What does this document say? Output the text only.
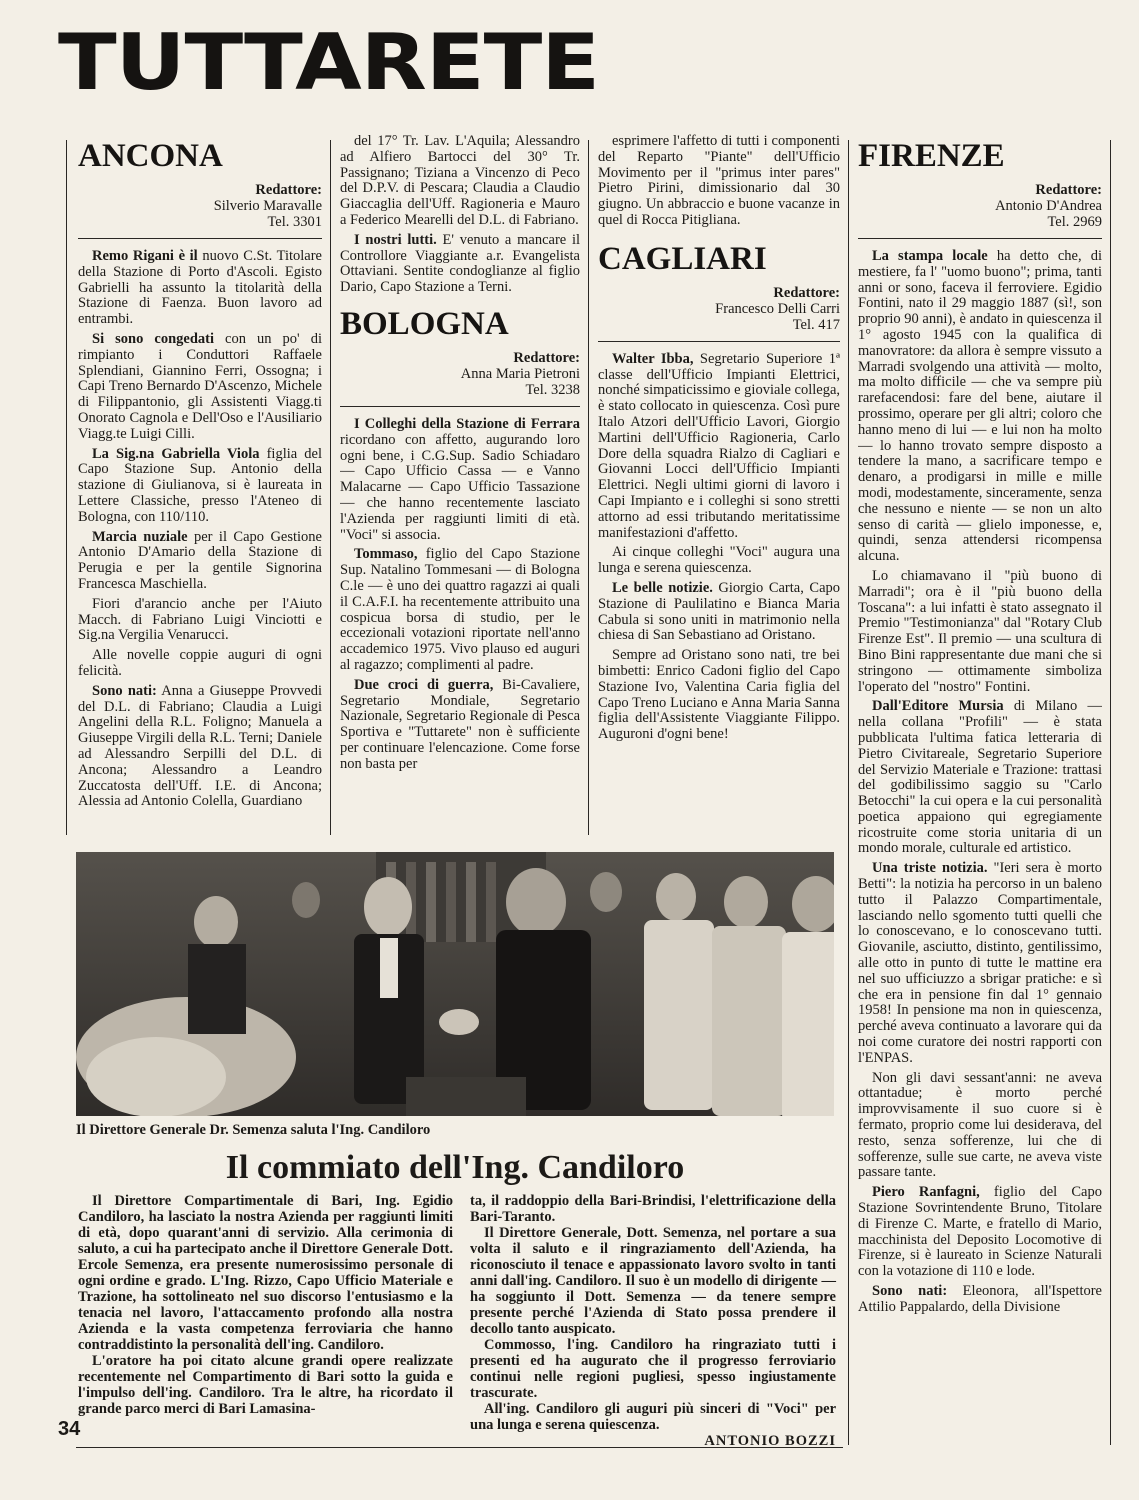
TUTTARETE
ANCONA
Redattore:
Silverio Maravalle
Tel. 3301

Remo Rigani è il nuovo C.St. Titolare della Stazione di Porto d'Ascoli. Egisto Gabrielli ha assunto la titolarità della Stazione di Faenza. Buon lavoro ad entrambi.

Si sono congedati con un po' di rimpianto i Conduttori Raffaele Splendiani, Giannino Ferri, Ossogna; i Capi Treno Bernardo D'Ascenzo, Michele di Filippantonio, gli Assistenti Viagg.ti Onorato Cagnola e Dell'Oso e l'Ausiliario Viagg.te Luigi Cilli.

La Sig.na Gabriella Viola figlia del Capo Stazione Sup. Antonio della stazione di Giulianova, si è laureata in Lettere Classiche, presso l'Ateneo di Bologna, con 110/110.

Marcia nuziale per il Capo Gestione Antonio D'Amario della Stazione di Perugia e per la gentile Signorina Francesca Maschiella.

Fiori d'arancio anche per l'Aiuto Macch. di Fabriano Luigi Vinciotti e Sig.na Vergilia Venarucci.

Alle novelle coppie auguri di ogni felicità.

Sono nati: Anna a Giuseppe Provvedi del D.L. di Fabriano; Claudia a Luigi Angelini della R.L. Foligno; Manuela a Giuseppe Virgili della R.L. Terni; Daniele ad Alessandro Serpilli del D.L. di Ancona; Alessandro a Leandro Zuccatosta dell'Uff. I.E. di Ancona; Alessia ad Antonio Colella, Guardiano

del 17° Tr. Lav. L'Aquila; Alessandro ad Alfiero Bartocci del 30° Tr. Passignano; Tiziana a Vincenzo di Peco del D.P.V. di Pescara; Claudia a Claudio Giaccaglia dell'Uff. Ragioneria e Mauro a Federico Mearelli del D.L. di Fabriano.

I nostri lutti. E' venuto a mancare il Controllore Viaggiante a.r. Evangelista Ottaviani. Sentite condoglianze al figlio Dario, Capo Stazione a Terni.

BOLOGNA
Redattore:
Anna Maria Pietroni
Tel. 3238

I Colleghi della Stazione di Ferrara ricordano con affetto, augurando loro ogni bene, i C.G.Sup. Sadio Schiadaro — Capo Ufficio Cassa — e Vanno Malacarne — Capo Ufficio Tassazione — che hanno recentemente lasciato l'Azienda per raggiunti limiti di età. "Voci" si associa.

Tommaso, figlio del Capo Stazione Sup. Natalino Tommesani — di Bologna C.le — è uno dei quattro ragazzi ai quali il C.A.F.I. ha recentemente attribuito una cospicua borsa di studio, per le eccezionali votazioni riportate nell'anno accademico 1975. Vivo plauso ed auguri al ragazzo; complimenti al padre.

Due croci di guerra, Bi-Cavaliere, Segretario Mondiale, Segretario Nazionale, Segretario Regionale di Pesca Sportiva e "Tuttarete" non è sufficiente per continuare l'elencazione. Come forse non basta per

esprimere l'affetto di tutti i componenti del Reparto "Piante" dell'Ufficio Movimento per il "primus inter pares" Pietro Pirini, dimissionario dal 30 giugno. Un abbraccio e buone vacanze in quel di Rocca Pitigliana.

CAGLIARI
Redattore:
Francesco Delli Carri
Tel. 417

Walter Ibba, Segretario Superiore 1ª classe dell'Ufficio Impianti Elettrici, nonché simpaticissimo e gioviale collega, è stato collocato in quiescenza. Così pure Italo Atzori dell'Ufficio Lavori, Giorgio Martini dell'Ufficio Ragioneria, Carlo Dore della squadra Rialzo di Cagliari e Giovanni Locci dell'Ufficio Impianti Elettrici. Negli ultimi giorni di lavoro i Capi Impianto e i colleghi si sono stretti attorno ad essi tributando meritatissime manifestazioni d'affetto.

Ai cinque colleghi "Voci" augura una lunga e serena quiescenza.

Le belle notizie. Giorgio Carta, Capo Stazione di Paulilatino e Bianca Maria Cabula si sono uniti in matrimonio nella chiesa di San Sebastiano ad Oristano.

Sempre ad Oristano sono nati, tre bei bimbetti: Enrico Cadoni figlio del Capo Stazione Ivo, Valentina Caria figlia del Capo Treno Luciano e Anna Maria Sanna figlia dell'Assistente Viaggiante Filippo. Auguroni d'ogni bene!

FIRENZE
Redattore:
Antonio D'Andrea
Tel. 2969

La stampa locale ha detto che, di mestiere, fa l' "uomo buono"; prima, tanti anni or sono, faceva il ferroviere. Egidio Fontini, nato il 29 maggio 1887 (sì!, son proprio 90 anni), è andato in quiescenza il 1° agosto 1945 con la qualifica di manovratore: da allora è sempre vissuto a Marradi svolgendo una attività — molto, ma molto difficile — che va sempre più rarefacendosi: fare del bene, aiutare il prossimo, operare per gli altri; coloro che hanno meno di lui — e lui non ha molto — lo hanno trovato sempre disposto a tendere la mano, a sacrificare tempo e denaro, a prodigarsi in mille e mille modi, modestamente, sinceramente, senza che nessuno e niente — se non un alto senso di carità — glielo imponesse, e, quindi, senza attendersi ricompensa alcuna.

Lo chiamavano il "più buono di Marradi"; ora è il "più buono della Toscana": a lui infatti è stato assegnato il Premio "Testimonianza" dal "Rotary Club Firenze Est". Il premio — una scultura di Bino Bini rappresentante due mani che si stringono — ottimamente simboliza l'operato del "nostro" Fontini.

Dall'Editore Mursia di Milano — nella collana "Profili" — è stata pubblicata l'ultima fatica letteraria di Pietro Civitareale, Segretario Superiore del Servizio Materiale e Trazione: trattasi del godibilissimo saggio su "Carlo Betocchi" la cui opera e la cui personalità poetica appaiono qui egregiamente ricostruite come storia unitaria di un mondo morale, culturale ed artistico.

Una triste notizia. "Ieri sera è morto Betti": la notizia ha percorso in un baleno tutto il Palazzo Compartimentale, lasciando nello sgomento tutti quelli che lo conoscevano, e lo conoscevano tutti. Giovanile, asciutto, distinto, gentilissimo, alle otto in punto di tutte le mattine era nel suo ufficiuzzo a sbrigar pratiche: e sì che era in pensione fin dal 1° gennaio 1958! In pensione ma non in quiescenza, perché aveva continuato a lavorare qui da noi come curatore dei nostri rapporti con l'ENPAS.

Non gli davi sessant'anni: ne aveva ottantadue; è morto perché improvvisamente il suo cuore si è fermato, proprio come lui desiderava, del resto, senza sofferenze, lui che di sofferenze, sulle sue carte, ne aveva viste passare tante.

Piero Ranfagni, figlio del Capo Stazione Sovrintendente Bruno, Titolare di Firenze C. Marte, e fratello di Mario, macchinista del Deposito Locomotive di Firenze, si è laureato in Scienze Naturali con la votazione di 110 e lode.

Sono nati: Eleonora, all'Ispettore Attilio Pappalardo, della Divisione

Il Direttore Generale Dr. Semenza saluta l'Ing. Candiloro
Il commiato dell'Ing. Candiloro

Il Direttore Compartimentale di Bari, Ing. Egidio Candiloro, ha lasciato la nostra Azienda per raggiunti limiti di età, dopo quarant'anni di servizio. Alla cerimonia di saluto, a cui ha partecipato anche il Direttore Generale Dott. Ercole Semenza, era presente numerosissimo personale di ogni ordine e grado. L'Ing. Rizzo, Capo Ufficio Materiale e Trazione, ha sottolineato nel suo discorso l'entusiasmo e la tenacia nel lavoro, l'attaccamento profondo alla nostra Azienda e la vasta competenza ferroviaria che hanno contraddistinto la personalità dell'ing. Candiloro.

L'oratore ha poi citato alcune grandi opere realizzate recentemente nel Compartimento di Bari sotto la guida e l'impulso dell'ing. Candiloro. Tra le altre, ha ricordato il grande parco merci di Bari Lamasina-

ta, il raddoppio della Bari-Brindisi, l'elettrificazione della Bari-Taranto.

Il Direttore Generale, Dott. Semenza, nel portare a sua volta il saluto e il ringraziamento dell'Azienda, ha riconosciuto il tenace e appassionato lavoro svolto in tanti anni dall'ing. Candiloro. Il suo è un modello di dirigente — ha soggiunto il Dott. Semenza — da tenere sempre presente perché l'Azienda di Stato possa prendere il decollo tanto auspicato.

Commosso, l'ing. Candiloro ha ringraziato tutti i presenti ed ha augurato che il progresso ferroviario continui nelle regioni pugliesi, spesso ingiustamente trascurate.

All'ing. Candiloro gli auguri più sinceri di "Voci" per una lunga e serena quiescenza.

ANTONIO BOZZI
34
